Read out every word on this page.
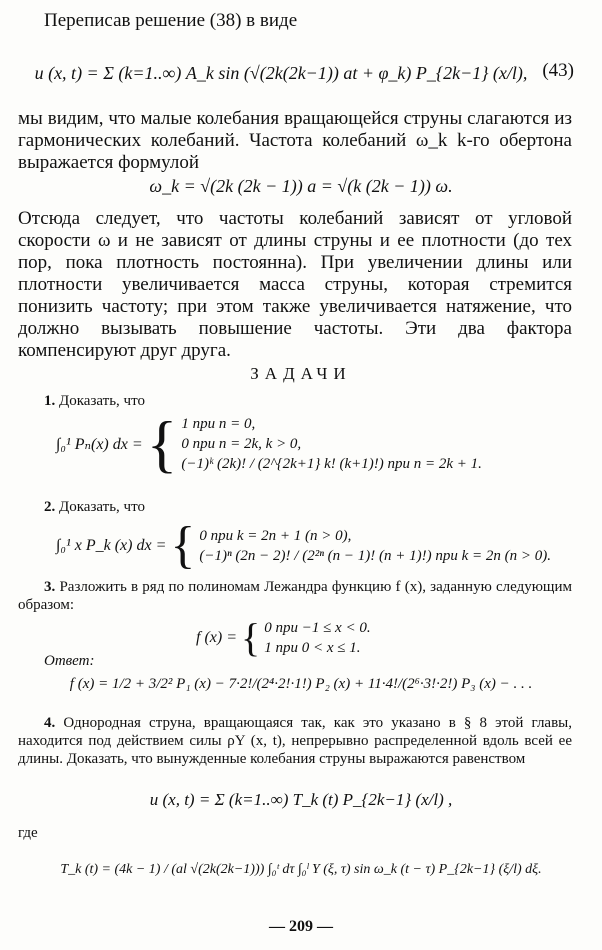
Переписав решение (38) в виде
u (x, t) = Σ (k=1..∞) A_k sin (√(2k(2k−1)) at + φ_k) P_{2k−1} (x/l), (43)
мы видим, что малые колебания вращающейся струны слагаются из гармонических колебаний. Частота колебаний ω_k k-го обертона выражается формулой
ω_k = √(2k (2k − 1)) a = √(k (2k − 1)) ω.
Отсюда следует, что частоты колебаний зависят от угловой скорости ω и не зависят от длины струны и ее плотности (до тех пор, пока плотность постоянна). При увеличении длины или плотности увеличивается масса струны, которая стремится понизить частоту; при этом также увеличивается натяжение, что должно вызывать повышение частоты. Эти два фактора компенсируют друг друга.
ЗАДАЧИ
1. Доказать, что
∫₀¹ Pₙ(x) dx = { 1 при n = 0,
0 при n = 2k, k > 0,
(−1)ᵏ (2k)! / (2^{2k+1} k! (k+1)!) при n = 2k + 1.
2. Доказать, что
∫₀¹ x P_k (x) dx = { 0 при k = 2n + 1 (n > 0),
(−1)ⁿ (2n − 2)! / (2²ⁿ (n − 1)! (n + 1)!) при k = 2n (n > 0).
3. Разложить в ряд по полиномам Лежандра функцию f (x), заданную следующим образом:
f (x) = { 0 при −1 ≤ x < 0.
1 при 0 < x ≤ 1.
Ответ:
f (x) = 1/2 + 3/2² P₁ (x) − 7·2!/(2⁴·2!·1!) P₂ (x) + 11·4!/(2⁶·3!·2!) P₃ (x) − . . .
4. Однородная струна, вращающаяся так, как это указано в § 8 этой главы, находится под действием силы ρY (x, t), непрерывно распределенной вдоль всей ее длины. Доказать, что вынужденные колебания струны выражаются равенством
u (x, t) = Σ (k=1..∞) T_k (t) P_{2k−1} (x/l) ,
где
T_k (t) = (4k − 1) / (al √(2k(2k−1))) ∫₀ᵗ dτ ∫₀ˡ Y (ξ, τ) sin ω_k (t − τ) P_{2k−1} (ξ/l) dξ.
— 209 —
